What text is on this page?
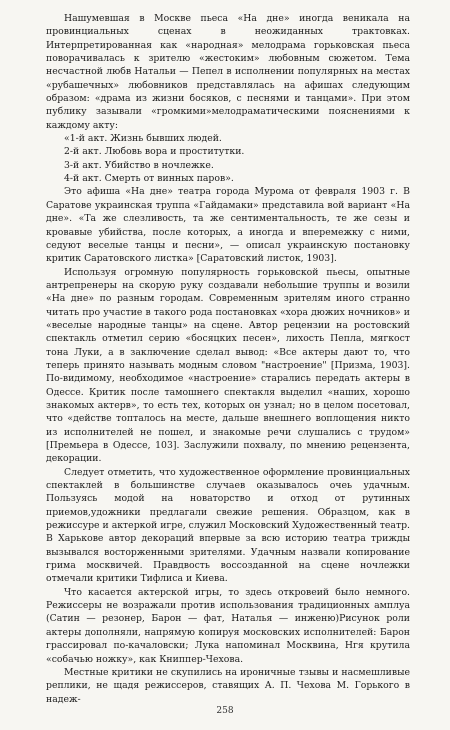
Нашумевшая в Москве пьеса «На дне» иногда веникала на провинциальных сценах в неожиданных трактовках. Интерпретированная как «народная» мелодрама горьковская пьеса поворачивалась к зрителю «жестоким» любовным сюжетом. Тема несчастной любв Натальи — Пепел в исполнении популярных на местах «рубашечных» любовников представлялась на афишах следующим образом: «драма из жизни босяков, с песнями и танцами». При этом публику зазывали «громкими»мелодраматическими пояснениями к каждому акту:

«1-й акт. Жизнь бывших людей.

2-й акт. Любовь вора и проститутки.

3-й акт. Убийство в ночлежке.

4-й акт. Смерть от винных паров».

Это афиша «На дне» театра города Мурома от февраля 1903 г. В Саратове украинская труппа «Гайдамаки» представила вой вариант «На дне». «Та же слезливость, та же сентиментальность, те же сезы и кровавые убийства, после которых, а иногда и вперемежку с ними, седуют веселые танцы и песни», — описал украинскую постановку критик Саратовского листка» [Саратовский листок, 1903].

Используя огромную популярность горьковской пьесы, опытные антрепренеры на скорую руку создавали небольшие труппы и возили «На дне» по разным городам. Современным зрителям иного странно читать про участие в такого рода постановках «хора дюжих ночников» и «веселые народные танцы» на сцене. Автор рецензии на ростовский спектакль отметил серию «босяцких песен», лихость Пепла, мягкост тона Луки, а в заключение сделал вывод: «Все актеры дают то, что теперь принято называть модным словом "настроение" [Призма, 1903]. По-видимому, необходимое «настроение» старались передать актеры в Одессе. Критик после тамошнего спектакля выделил «наших, хорошо знакомых актерв», то есть тех, которых он узнал; но в целом посетовал, что «действе топталось на месте, дальше внешнего воплощения никто из исполнителей не пошел, и знакомые речи слушались с трудом» [Премьера в Одессе, 103]. Заслужили похвалу, по мнению рецензента, декорации.

Следует отметить, что художественное оформление провинциальных спектаклей в большинстве случаев оказывалось очеь удачным. Пользуясь модой на новаторство и отход от рутинных приемов,удожники предлагали свежие решения. Образцом, как в режиссуре и актеркой игре, служил Московский Художественный театр. В Харькове автор декораций впервые за всю историю театра трижды вызывался восторженными зрителями. Удачным назвали копирование грима москвичей. Правдвость воссозданной на сцене ночлежки отмечали критики Тифлиса и Киева.

Что касается актерской игры, то здесь откровеий было немного. Режиссеры не возражали против использования традиционных амплуа (Сатин — резонер, Барон — фат, Наталья — инженю)Рисунок роли актеры дополняли, напрямую копируя московских исполнителей: Барон грассировал по-качаловски; Лука напоминал Москвина, Нгя крутила «собачью ножку», как Книппер-Чехова.

Местные критики не скупились на ироничные тзывы и насмешливые реплики, не щадя режиссеров, ставящих А. П. Чехова М. Горького в надеж-

258
